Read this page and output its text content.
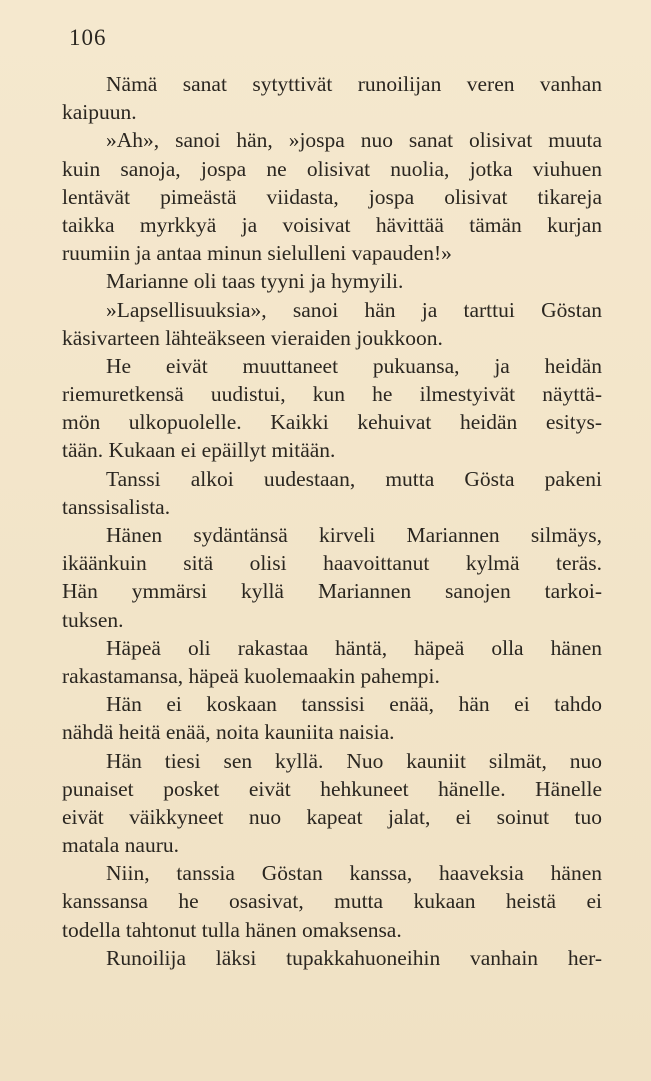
106
Nämä sanat sytyttivät runoilijan veren vanhan
kaipuun.
»Ah», sanoi hän, »jospa nuo sanat olisivat muuta
kuin sanoja, jospa ne olisivat nuolia, jotka viuhuen
lentävät pimeästä viidasta, jospa olisivat tikareja
taikka myrkkyä ja voisivat hävittää tämän kurjan
ruumiin ja antaa minun sielulleni vapauden!»
Marianne oli taas tyyni ja hymyili.
»Lapsellisuuksia», sanoi hän ja tarttui Göstan
käsivarteen lähteäkseen vieraiden joukkoon.
He eivät muuttaneet pukuansa, ja heidän
riemuretkensä uudistui, kun he ilmestyivät näyttä-
mön ulkopuolelle. Kaikki kehuivat heidän esitys-
tään. Kukaan ei epäillyt mitään.
Tanssi alkoi uudestaan, mutta Gösta pakeni
tanssisalista.
Hänen sydäntänsä kirveli Mariannen silmäys,
ikäänkuin sitä olisi haavoittanut kylmä teräs.
Hän ymmärsi kyllä Mariannen sanojen tarkoi-
tuksen.
Häpeä oli rakastaa häntä, häpeä olla hänen
rakastamansa, häpeä kuolemaakin pahempi.
Hän ei koskaan tanssisi enää, hän ei tahdo
nähdä heitä enää, noita kauniita naisia.
Hän tiesi sen kyllä. Nuo kauniit silmät, nuo
punaiset posket eivät hehkuneet hänelle. Hänelle
eivät väikkyneet nuo kapeat jalat, ei soinut tuo
matala nauru.
Niin, tanssia Göstan kanssa, haaveksia hänen
kanssansa he osasivat, mutta kukaan heistä ei
todella tahtonut tulla hänen omaksensa.
Runoilija läksi tupakkahuoneihin vanhain her-
